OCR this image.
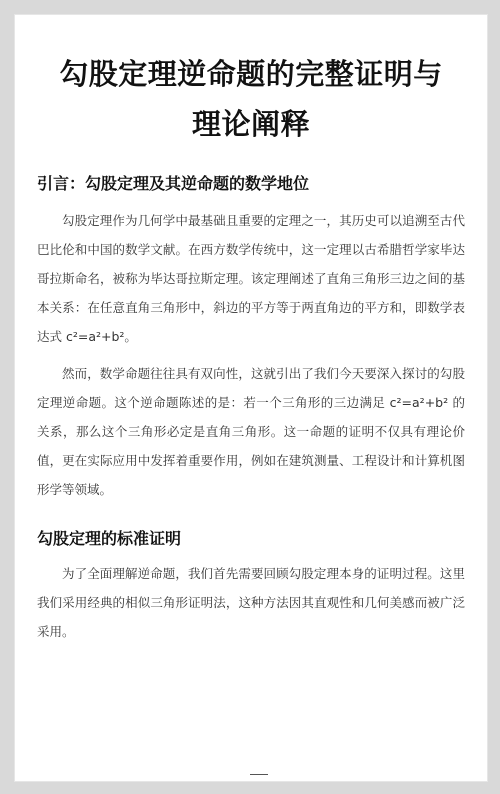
勾股定理逆命题的完整证明与理论阐释
引言：勾股定理及其逆命题的数学地位

勾股定理作为几何学中最基础且重要的定理之一，其历史可以追溯至古代巴比伦和中国的数学文献。在西方数学传统中，这一定理以古希腊哲学家毕达哥拉斯命名，被称为毕达哥拉斯定理。该定理阐述了直角三角形三边之间的基本关系：在任意直角三角形中，斜边的平方等于两直角边的平方和，即数学表达式 c²=a²+b²。

然而，数学命题往往具有双向性，这就引出了我们今天要深入探讨的勾股定理逆命题。这个逆命题陈述的是：若一个三角形的三边满足 c²=a²+b² 的关系，那么这个三角形必定是直角三角形。这一命题的证明不仅具有理论价值，更在实际应用中发挥着重要作用，例如在建筑测量、工程设计和计算机图形学等领域。

勾股定理的标准证明

为了全面理解逆命题，我们首先需要回顾勾股定理本身的证明过程。这里我们采用经典的相似三角形证明法，这种方法因其直观性和几何美感而被广泛采用。
